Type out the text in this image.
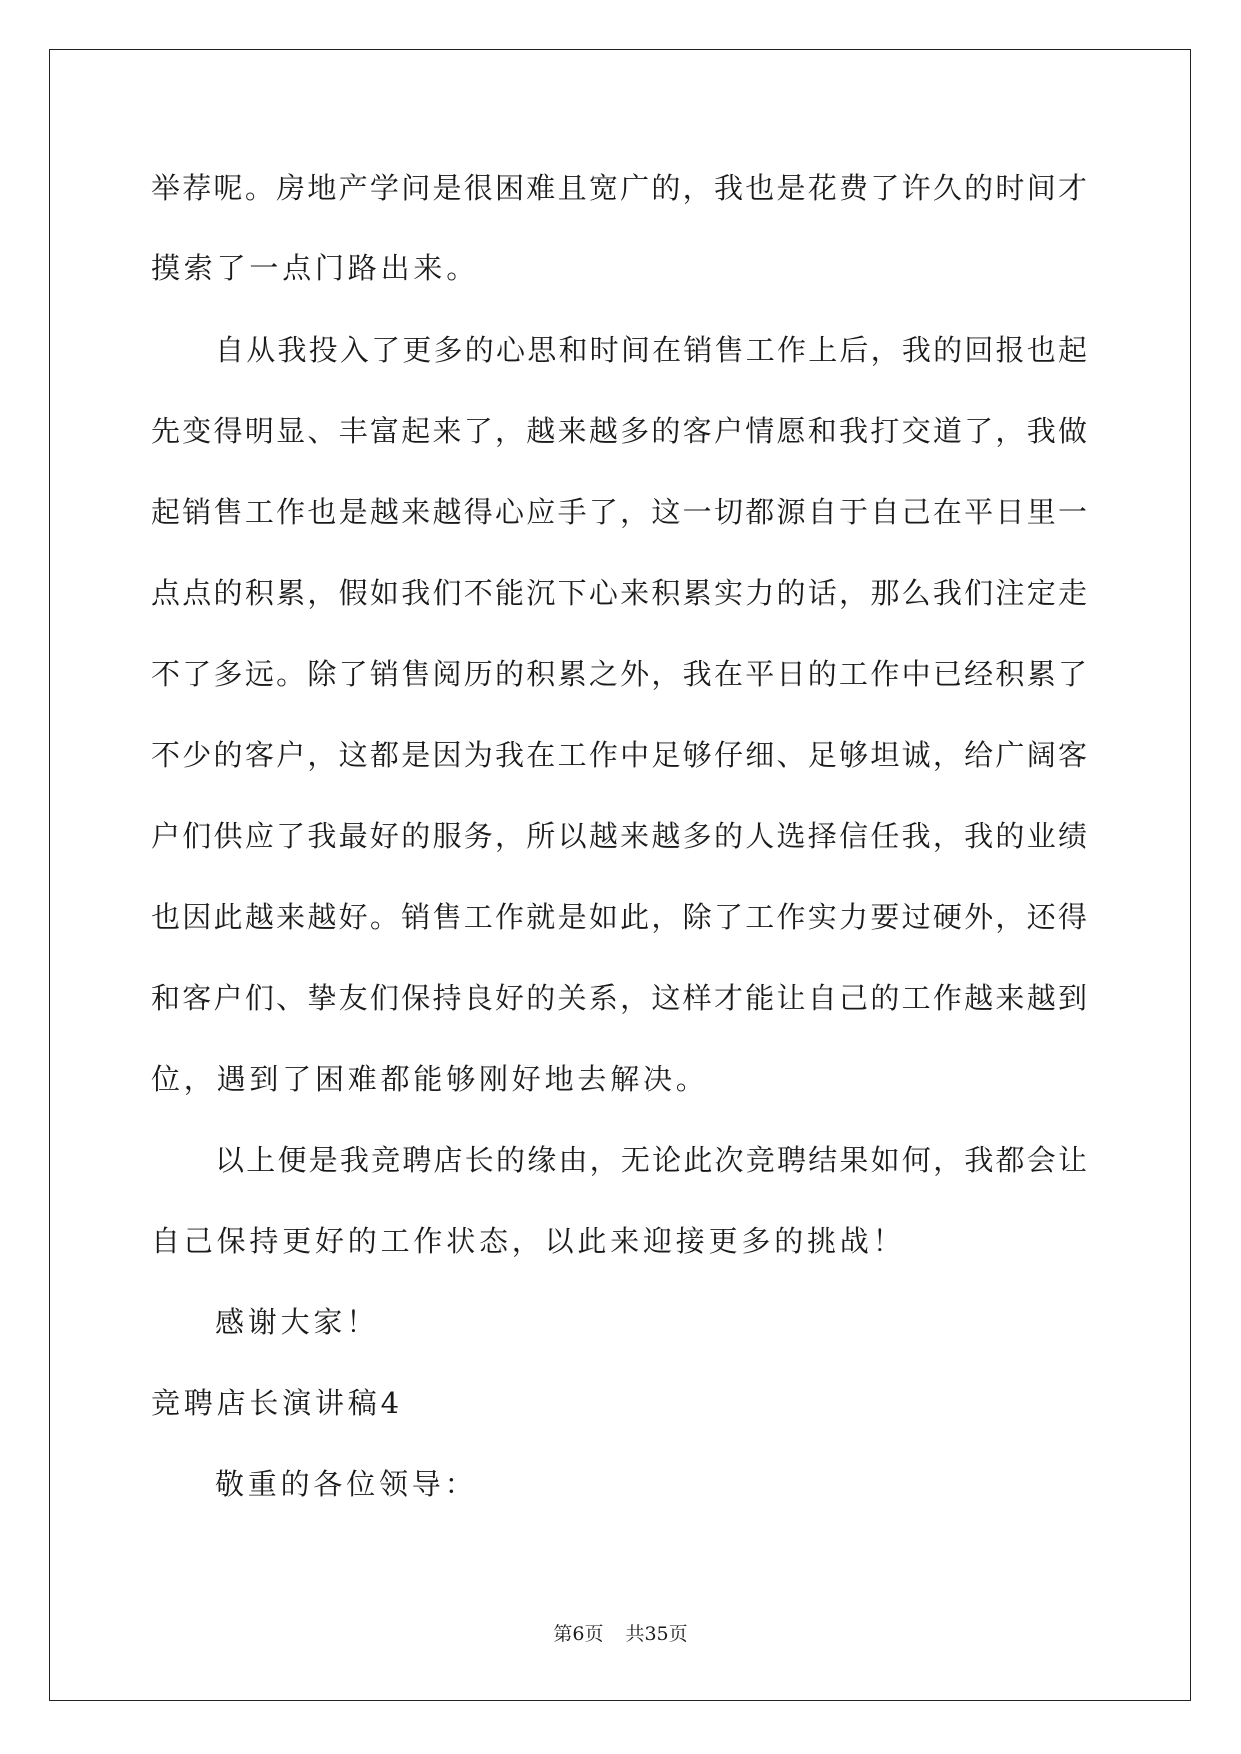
举荐呢。房地产学问是很困难且宽广的，我也是花费了许久的时间才
摸索了一点门路出来。
自从我投入了更多的心思和时间在销售工作上后，我的回报也起
先变得明显、丰富起来了，越来越多的客户情愿和我打交道了，我做
起销售工作也是越来越得心应手了，这一切都源自于自己在平日里一
点点的积累，假如我们不能沉下心来积累实力的话，那么我们注定走
不了多远。除了销售阅历的积累之外，我在平日的工作中已经积累了
不少的客户，这都是因为我在工作中足够仔细、足够坦诚，给广阔客
户们供应了我最好的服务，所以越来越多的人选择信任我，我的业绩
也因此越来越好。销售工作就是如此，除了工作实力要过硬外，还得
和客户们、挚友们保持良好的关系，这样才能让自己的工作越来越到
位，遇到了困难都能够刚好地去解决。
以上便是我竞聘店长的缘由，无论此次竞聘结果如何，我都会让
自己保持更好的工作状态，以此来迎接更多的挑战！
感谢大家！
竞聘店长演讲稿4
敬重的各位领导：
第6页 共35页
